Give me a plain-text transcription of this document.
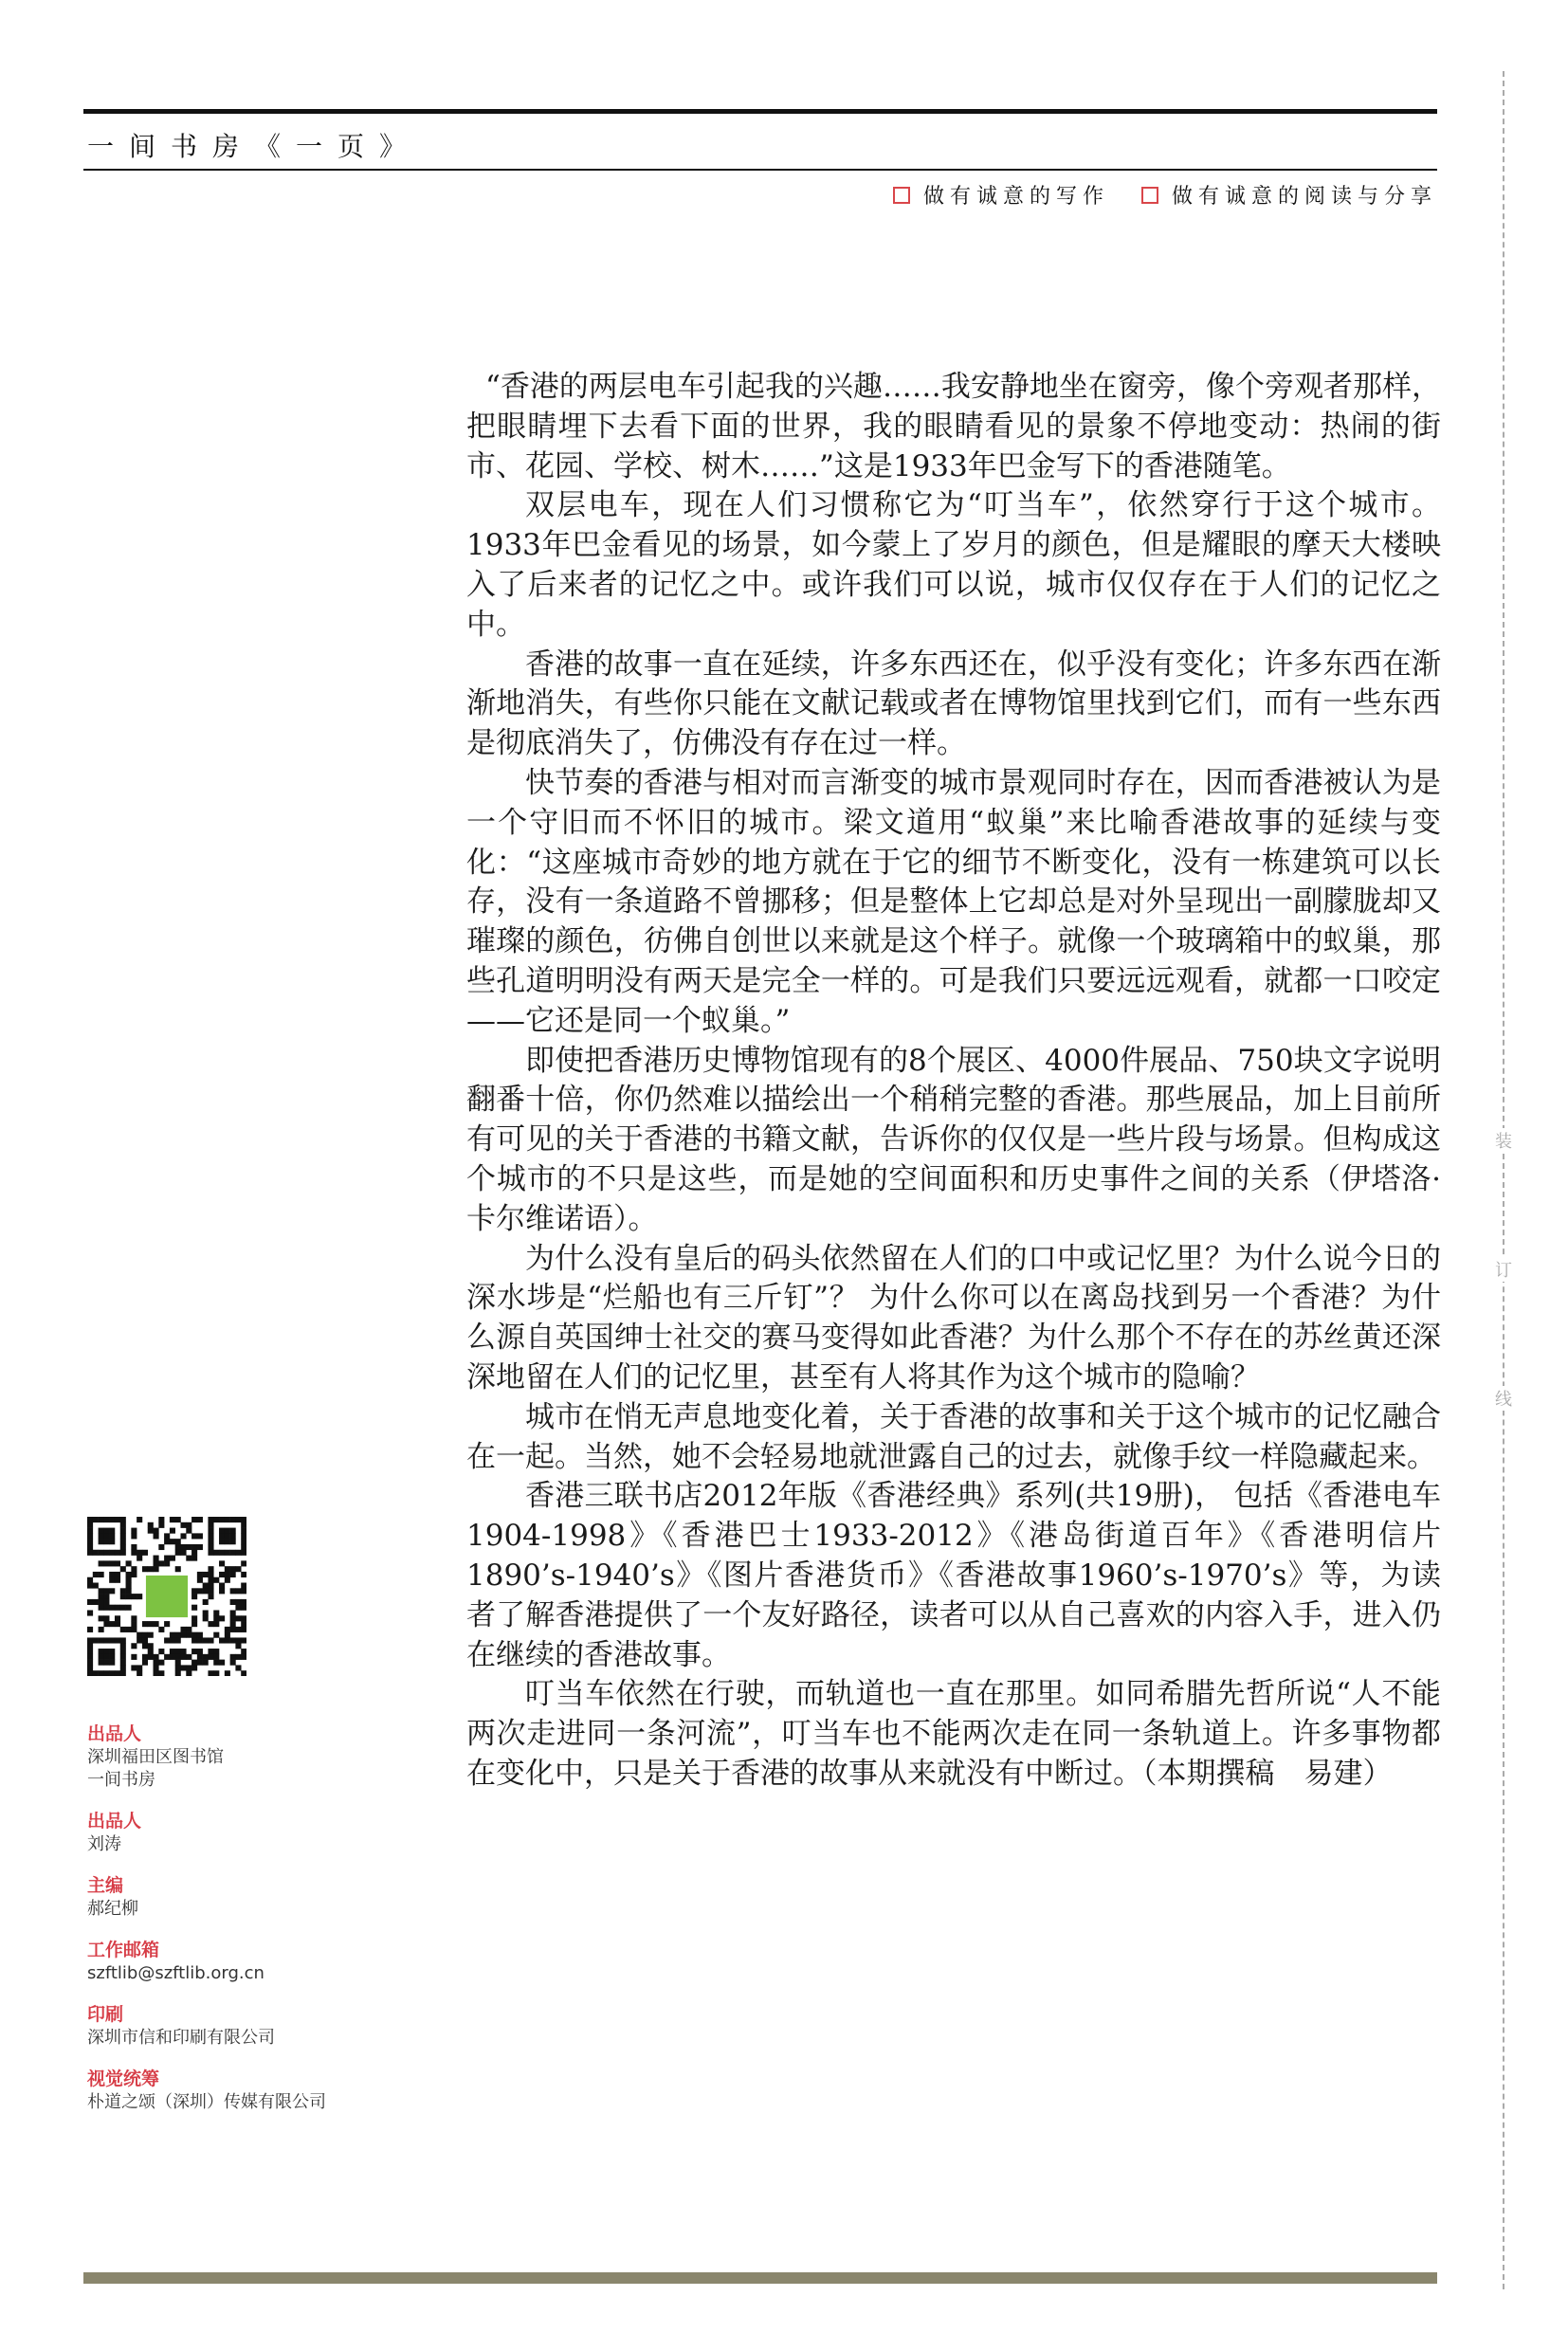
一间书房《一页》
做有诚意的写作	做有诚意的阅读与分享
装
订
线

“香港的两层电车引起我的兴趣……我安静地坐在窗旁，像个旁观者那样，把眼睛埋下去看下面的世界，我的眼睛看见的景象不停地变动：热闹的街市、花园、学校、树木……”这是1933年巴金写下的香港随笔。

双层电车，现在人们习惯称它为“叮当车”，依然穿行于这个城市。1933年巴金看见的场景，如今蒙上了岁月的颜色，但是耀眼的摩天大楼映入了后来者的记忆之中。或许我们可以说，城市仅仅存在于人们的记忆之中。

香港的故事一直在延续，许多东西还在，似乎没有变化；许多东西在渐渐地消失，有些你只能在文献记载或者在博物馆里找到它们，而有一些东西是彻底消失了，仿佛没有存在过一样。

快节奏的香港与相对而言渐变的城市景观同时存在，因而香港被认为是一个守旧而不怀旧的城市。梁文道用“蚁巢”来比喻香港故事的延续与变化：“这座城市奇妙的地方就在于它的细节不断变化，没有一栋建筑可以长存，没有一条道路不曾挪移；但是整体上它却总是对外呈现出一副朦胧却又璀璨的颜色，彷佛自创世以来就是这个样子。就像一个玻璃箱中的蚁巢，那些孔道明明没有两天是完全一样的。可是我们只要远远观看，就都一口咬定——它还是同一个蚁巢。”

即使把香港历史博物馆现有的8个展区、4000件展品、750块文字说明翻番十倍，你仍然难以描绘出一个稍稍完整的香港。那些展品，加上目前所有可见的关于香港的书籍文献，告诉你的仅仅是一些片段与场景。但构成这个城市的不只是这些，而是她的空间面积和历史事件之间的关系（伊塔洛·卡尔维诺语）。

为什么没有皇后的码头依然留在人们的口中或记忆里？为什么说今日的深水埗是“烂船也有三斤钉”？ 为什么你可以在离岛找到另一个香港？为什么源自英国绅士社交的赛马变得如此香港？为什么那个不存在的苏丝黄还深深地留在人们的记忆里，甚至有人将其作为这个城市的隐喻？

城市在悄无声息地变化着，关于香港的故事和关于这个城市的记忆融合在一起。当然，她不会轻易地就泄露自己的过去，就像手纹一样隐藏起来。

香港三联书店2012年版《香港经典》系列(共19册)， 包括《香港电车1904-1998》《香港巴士1933-2012》《港岛街道百年》《香港明信片1890’s-1940’s》《图片香港货币》《香港故事1960’s-1970’s》等，为读者了解香港提供了一个友好路径，读者可以从自己喜欢的内容入手，进入仍在继续的香港故事。

叮当车依然在行驶，而轨道也一直在那里。如同希腊先哲所说“人不能两次走进同一条河流”，叮当车也不能两次走在同一条轨道上。许多事物都在变化中，只是关于香港的故事从来就没有中断过。（本期撰稿　易建）

出品人
深圳福田区图书馆
一间书房
出品人
刘涛
主编
郝纪柳
工作邮箱
szftlib@szftlib.org.cn
印刷
深圳市信和印刷有限公司
视觉统筹
朴道之颂（深圳）传媒有限公司
